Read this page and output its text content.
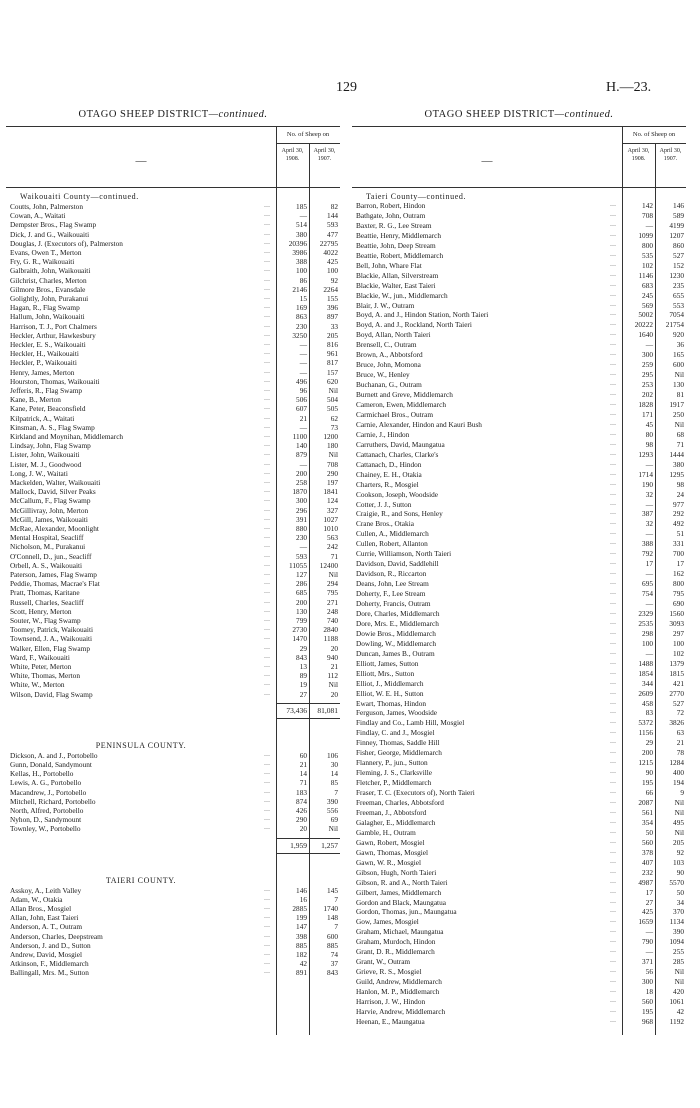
129	H.—23.
OTAGO SHEEP DISTRICT—continued.
—
No. of Sheep on
April 30, 1908.
April 30, 1907.
Waikouaiti County—continued.
Coutts, John, Palmerston	…	185	82
Cowan, A., Waitati	…	—	144
Dempster Bros., Flag Swamp	…	514	593
Dick, J. and G., Waikouaiti	…	380	477
Douglas, J. (Executors of), Palmerston	…	20396	22795
Evans, Owen T., Merton	…	3986	4022
Fry, G. R., Waikouaiti	…	388	425
Galbraith, John, Waikouaiti	…	100	100
Gilchrist, Charles, Merton	…	86	92
Gilmore Bros., Evansdale	…	2146	2264
Golightly, John, Purakanui	…	15	155
Hagan, R., Flag Swamp	…	169	396
Hallum, John, Waikouaiti	…	863	897
Harrison, T. J., Port Chalmers	…	230	33
Heckler, Arthur, Hawkesbury	…	3250	205
Heckler, E. S., Waikouaiti	…	—	816
Heckler, H., Waikouaiti	…	—	961
Heckler, P., Waikouaiti	…	—	817
Henry, James, Merton	…	—	157
Hourston, Thomas, Waikouaiti	…	496	620
Jefferis, R., Flag Swamp	…	96	Nil
Kane, B., Merton	…	506	504
Kane, Peter, Beaconsfield	…	607	505
Kilpatrick, A., Waitati	…	21	62
Kinsman, A. S., Flag Swamp	…	—	73
Kirkland and Moynihan, Middlemarch	…	1100	1200
Lindsay, John, Flag Swamp	…	140	180
Lister, John, Waikouaiti	…	879	Nil
Lister, M. J., Goodwood	…	—	708
Long, J. W., Waitati	…	200	290
Mackelden, Walter, Waikouaiti	…	258	197
Mallock, David, Silver Peaks	…	1870	1841
McCallum, F., Flag Swamp	…	300	124
McGillivray, John, Merton	…	296	327
McGill, James, Waikouaiti	…	391	1027
McRae, Alexander, Moonlight	…	880	1010
Mental Hospital, Seacliff	…	230	563
Nicholson, M., Purakanui	…	—	242
O'Connell, D., jun., Seacliff	…	593	71
Orbell, A. S., Waikouaiti	…	11055	12400
Paterson, James, Flag Swamp	…	127	Nil
Peddie, Thomas, Macrae's Flat	…	286	294
Pratt, Thomas, Karitane	…	685	795
Russell, Charles, Seacliff	…	200	271
Scott, Henry, Merton	…	130	248
Souter, W., Flag Swamp	…	799	740
Toomey, Patrick, Waikouaiti	…	2730	2840
Townsend, J. A., Waikouaiti	…	1470	1188
Walker, Ellen, Flag Swamp	…	29	20
Ward, F., Waikouaiti	…	843	940
White, Peter, Merton	…	13	21
White, Thomas, Merton	…	89	112
White, W., Merton	…	19	Nil
Wilson, David, Flag Swamp	…	27	20
73,436	81,081
PENINSULA COUNTY.
Dickson, A. and J., Portobello	…	60	106
Gunn, Donald, Sandymount	…	21	30
Kellas, H., Portobello	…	14	14
Lewis, A. G., Portobello	…	71	85
Macandrew, J., Portobello	…	183	7
Mitchell, Richard, Portobello	…	874	390
North, Alfred, Portobello	…	426	556
Nyhon, D., Sandymount	…	290	69
Townley, W., Portobello	…	20	Nil
1,959	1,257
TAIERI COUNTY.
Asskoy, A., Leith Valley	…	146	145
Adam, W., Otakia	…	16	7
Allan Bros., Mosgiel	…	2885	1740
Allan, John, East Taieri	…	199	148
Anderson, A. T., Outram	…	147	7
Anderson, Charles, Deepstream	…	398	600
Anderson, J. and D., Sutton	…	885	885
Andrew, David, Mosgiel	…	182	74
Atkinson, F., Middlemarch	…	42	37
Ballingall, Mrs. M., Sutton	…	891	843
OTAGO SHEEP DISTRICT—continued.
—
No. of Sheep on
April 30, 1908.
April 30, 1907.
Taieri County—continued.
Barron, Robert, Hindon	…	142	146
Bathgate, John, Outram	…	708	589
Baxter, R. G., Lee Stream	…	—	4199
Beattie, Henry, Middlemarch	…	1099	1207
Beattie, John, Deep Stream	…	800	860
Beattie, Robert, Middlemarch	…	535	527
Bell, John, Whare Flat	…	102	152
Blackie, Allan, Silverstream	…	1146	1230
Blackie, Walter, East Taieri	…	683	235
Blackie, W., jun., Middlemarch	…	245	655
Blair, J. W., Outram	…	569	553
Boyd, A. and J., Hindon Station, North Taieri	…	5002	7054
Boyd, A. and J., Rockland, North Taieri	…	20222	21754
Boyd, Allan, North Taieri	…	1640	920
Brensell, C., Outram	…	—	36
Brown, A., Abbotsford	…	300	165
Bruce, John, Momona	…	259	600
Bruce, W., Henley	…	295	Nil
Buchanan, G., Outram	…	253	130
Burnett and Greve, Middlemarch	…	202	81
Cameron, Ewen, Middlemarch	…	1828	1917
Carmichael Bros., Outram	…	171	250
Carnie, Alexander, Hindon and Kauri Bush	…	45	Nil
Carnie, J., Hindon	…	80	68
Carruthers, David, Maungatua	…	98	71
Cattanach, Charles, Clarke's	…	1293	1444
Cattanach, D., Hindon	…	—	380
Chainey, E. H., Otakia	…	1714	1295
Charters, R., Mosgiel	…	190	98
Cookson, Joseph, Woodside	…	32	24
Cotter, J. J., Sutton	…	—	977
Craigie, R., and Sons, Henley	…	387	292
Crane Bros., Otakia	…	32	492
Cullen, A., Middlemarch	…	—	51
Cullen, Robert, Allanton	…	388	331
Currie, Williamson, North Taieri	…	792	700
Davidson, David, Saddlehill	…	17	17
Davidson, R., Riccarton	…	—	162
Deans, John, Lee Stream	…	695	800
Doherty, F., Lee Stream	…	754	795
Doherty, Francis, Outram	…	—	690
Dore, Charles, Middlemarch	…	2329	1560
Dore, Mrs. E., Middlemarch	…	2535	3093
Dowie Bros., Middlemarch	…	298	297
Dowling, W., Middlemarch	…	100	100
Duncan, James B., Outram	…	—	102
Elliott, James, Sutton	…	1488	1379
Elliott, Mrs., Sutton	…	1854	1815
Elliot, J., Middlemarch	…	344	421
Elliot, W. E. H., Sutton	…	2609	2770
Ewart, Thomas, Hindon	…	458	527
Ferguson, James, Woodside	…	83	72
Findlay and Co., Lamb Hill, Mosgiel	…	5372	3826
Findlay, C. and J., Mosgiel	…	1156	63
Finney, Thomas, Saddle Hill	…	29	21
Fisher, George, Middlemarch	…	200	78
Flannery, P., jun., Sutton	…	1215	1284
Fleming, J. S., Clarksville	…	90	400
Fletcher, P., Middlemarch	…	195	194
Fraser, T. C. (Executors of), North Taieri	…	66	9
Freeman, Charles, Abbotsford	…	2087	Nil
Freeman, J., Abbotsford	…	561	Nil
Galagher, E., Middlemarch	…	354	495
Gamble, H., Outram	…	50	Nil
Gawn, Robert, Mosgiel	…	560	205
Gawn, Thomas, Mosgiel	…	378	92
Gawn, W. R., Mosgiel	…	407	103
Gibson, Hugh, North Taieri	…	232	90
Gibson, R. and A., North Taieri	…	4987	5570
Gilbert, James, Middlemarch	…	17	50
Gordon and Black, Maungatua	…	27	34
Gordon, Thomas, jun., Maungatua	…	425	370
Gow, James, Mosgiel	…	1659	1134
Graham, Michael, Maungatua	…	—	390
Graham, Murdoch, Hindon	…	790	1094
Grant, D. R., Middlemarch	…	—	255
Grant, W., Outram	…	371	285
Grieve, R. S., Mosgiel	…	56	Nil
Guild, Andrew, Middlemarch	…	300	Nil
Hanlon, M. P., Middlemarch	…	18	420
Harrison, J. W., Hindon	…	560	1061
Harvie, Andrew, Middlemarch	…	195	42
Heenan, E., Maungatua	…	968	1192
